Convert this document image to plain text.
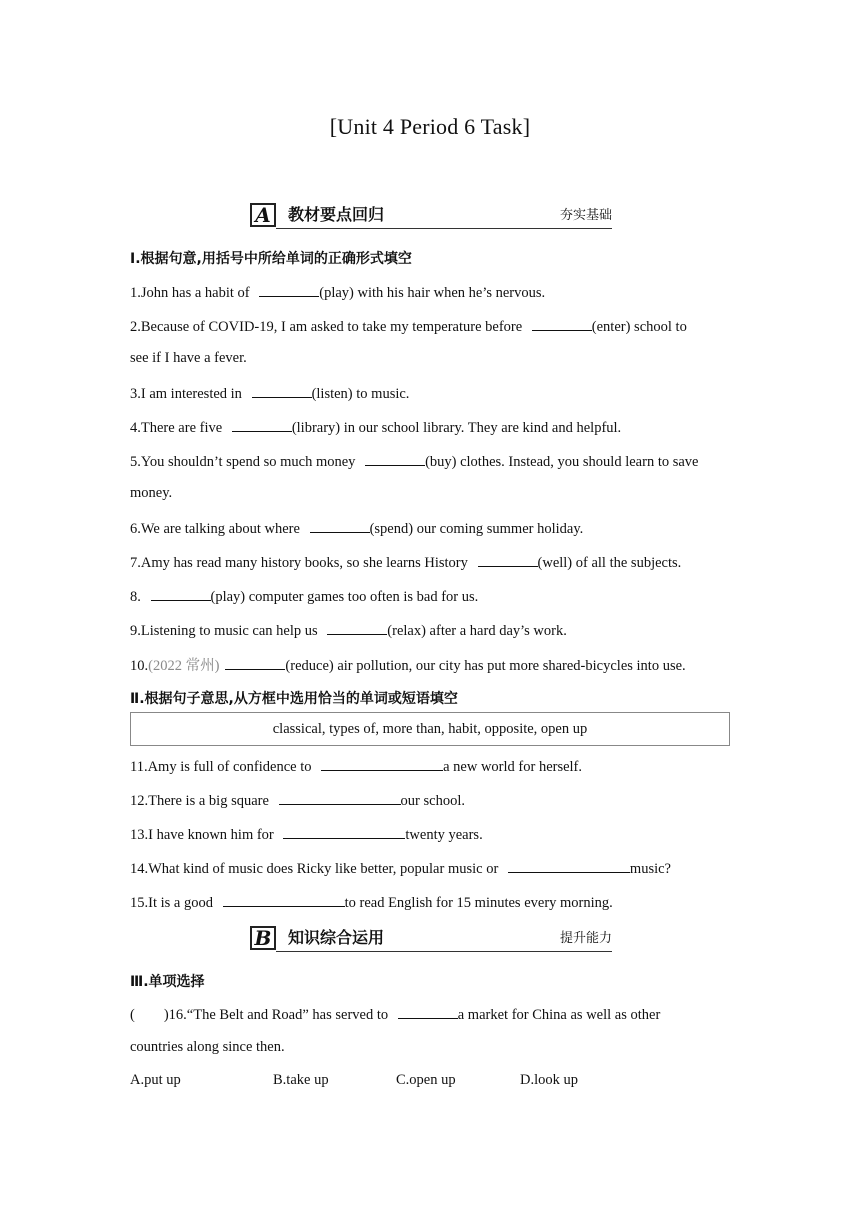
[Unit 4 Period 6 Task]
A	教材要点回归	夯实基础
Ⅰ.根据句意,用括号中所给单词的正确形式填空
1.John has a habit of	(play) with his hair when he’s nervous.
2.Because of COVID-19, I am asked to take my temperature before	(enter) school to
see if I have a fever.
3.I am interested in	(listen) to music.
4.There are five	(library) in our school library. They are kind and helpful.
5.You shouldn’t spend so much money	(buy) clothes. Instead, you should learn to save
money.
6.We are talking about where	(spend) our coming summer holiday.
7.Amy has read many history books, so she learns History	(well) of all the subjects.
8.	(play) computer games too often is bad for us.
9.Listening to music can help us	(relax) after a hard day’s work.
10.(2022 常州)	(reduce) air pollution, our city has put more shared-bicycles into use.
Ⅱ.根据句子意思,从方框中选用恰当的单词或短语填空
classical, types of, more than, habit, opposite, open up
11.Amy is full of confidence to	a new world for herself.
12.There is a big square	our school.
13.I have known him for	twenty years.
14.What kind of music does Ricky like better, popular music or	music?
15.It is a good	to read English for 15 minutes every morning.
B 知识综合运用	提升能力
Ⅲ.单项选择
(        )16.“The Belt and Road” has served to	a market for China as well as other
countries along since then.
A.put up	B.take up	C.open up	D.look up
